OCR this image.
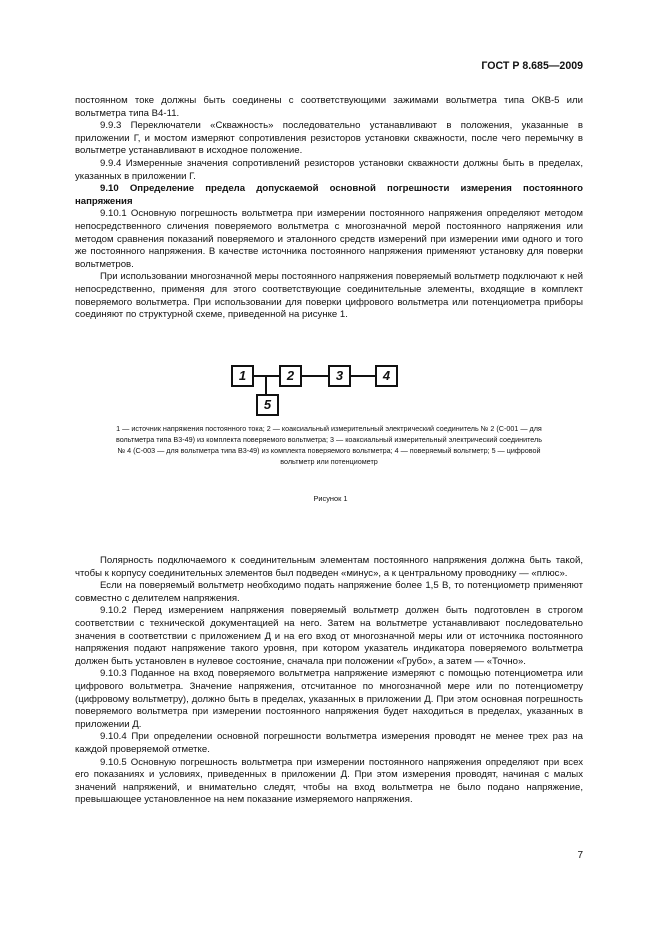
ГОСТ Р 8.685—2009

постоянном токе должны быть соединены с соответствующими зажимами вольтметра типа ОКВ-5 или вольтметра типа В4-11.

9.9.3 Переключатели «Скважность» последовательно устанавливают в положения, указанные в приложении Г, и мостом измеряют сопротивления резисторов установки скважности, после чего перемычку в вольтметре устанавливают в исходное положение.

9.9.4 Измеренные значения сопротивлений резисторов установки скважности должны быть в пределах, указанных в приложении Г.

9.10 Определение предела допускаемой основной погрешности измерения постоянного напряжения

9.10.1 Основную погрешность вольтметра при измерении постоянного напряжения определяют методом непосредственного сличения поверяемого вольтметра с многозначной мерой постоянного напряжения или методом сравнения показаний поверяемого и эталонного средств измерений при измерении ими одного и того же постоянного напряжения. В качестве источника постоянного напряжения применяют установку для поверки вольтметров.

При использовании многозначной меры постоянного напряжения поверяемый вольтметр подключают к ней непосредственно, применяя для этого соответствующие соединительные элементы, входящие в комплект поверяемого вольтметра. При использовании для поверки цифрового вольтметра или потенциометра приборы соединяют по структурной схеме, приведенной на рисунке 1.

1	2	3	4
5
1 — источник напряжения постоянного тока; 2 — коаксиальный измерительный электрический соединитель № 2 (С-001 — для вольтметра типа В3-49) из комплекта поверяемого вольтметра; 3 — коаксиальный измерительный электрический соединитель № 4 (С-003 — для вольтметра типа В3-49) из комплекта поверяемого вольтметра; 4 — поверяемый вольтметр; 5 — цифровой вольтметр или потенциометр
Рисунок 1

Полярность подключаемого к соединительным элементам постоянного напряжения должна быть такой, чтобы к корпусу соединительных элементов был подведен «минус», а к центральному проводнику — «плюс».

Если на поверяемый вольтметр необходимо подать напряжение более 1,5 В, то потенциометр применяют совместно с делителем напряжения.

9.10.2 Перед измерением напряжения поверяемый вольтметр должен быть подготовлен в строгом соответствии с технической документацией на него. Затем на вольтметре устанавливают последовательно значения в соответствии с приложением Д и на его вход от многозначной меры или от источника постоянного напряжения подают напряжение такого уровня, при котором указатель индикатора поверяемого вольтметра должен быть установлен в нулевое состояние, сначала при положении «Грубо», а затем — «Точно».

9.10.3 Поданное на вход поверяемого вольтметра напряжение измеряют с помощью потенциометра или цифрового вольтметра. Значение напряжения, отсчитанное по многозначной мере или по потенциометру (цифровому вольтметру), должно быть в пределах, указанных в приложении Д. При этом основная погрешность поверяемого вольтметра при измерении постоянного напряжения будет находиться в пределах, указанных в приложении Д.

9.10.4 При определении основной погрешности вольтметра измерения проводят не менее трех раз на каждой проверяемой отметке.

9.10.5 Основную погрешность вольтметра при измерении постоянного напряжения определяют при всех его показаниях и условиях, приведенных в приложении Д. При этом измерения проводят, начиная с малых значений напряжений, и внимательно следят, чтобы на вход вольтметра не было подано напряжение, превышающее установленное на нем показание измеряемого напряжения.

7
